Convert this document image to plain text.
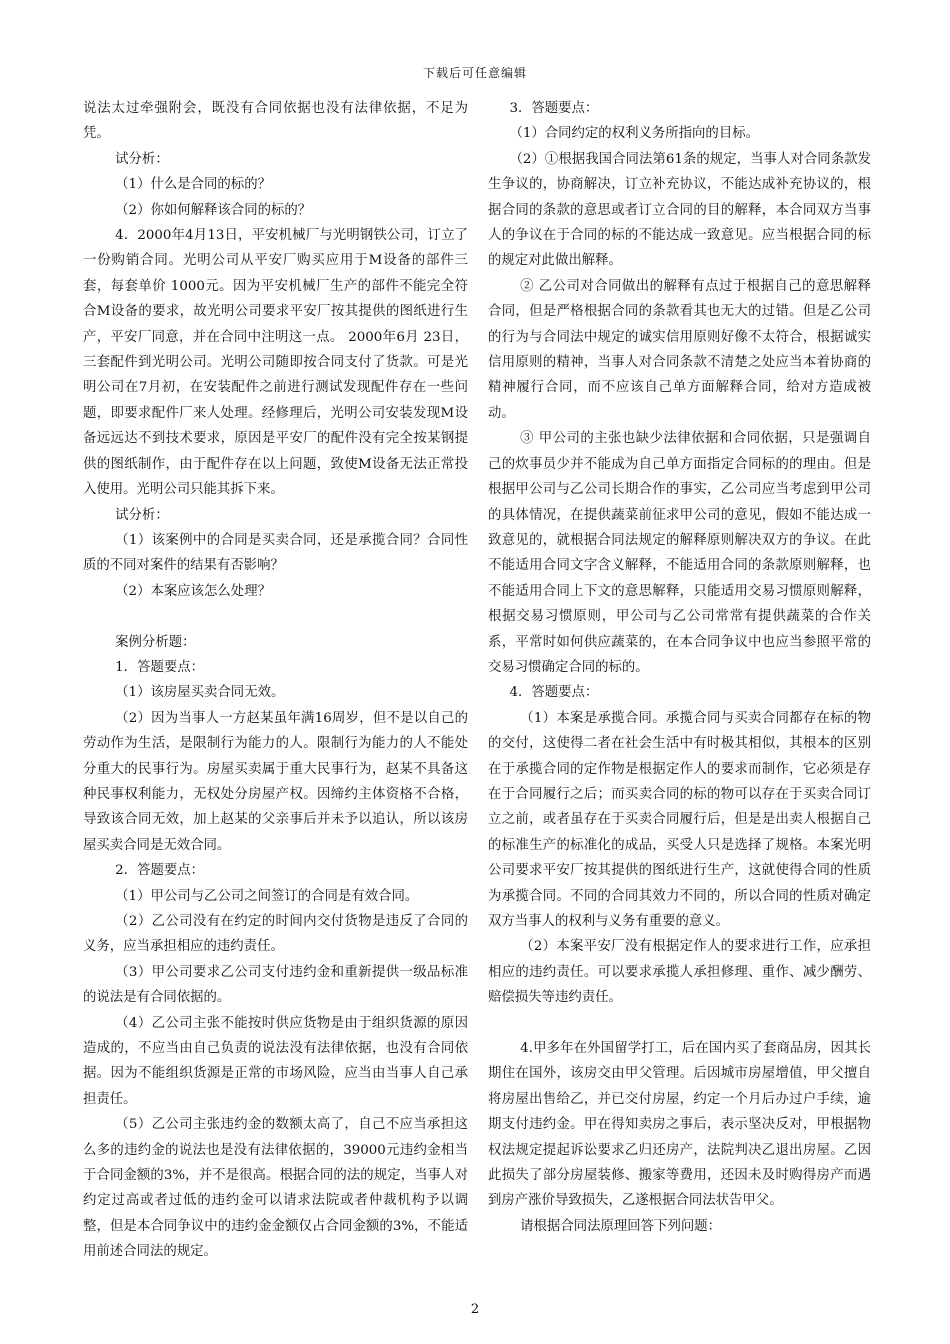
下载后可任意编辑

说法太过牵强附会，既没有合同依据也没有法律依据，不足为凭。

试分析：

（1）什么是合同的标的？

（2）你如何解释该合同的标的？

4．2000年4月13日，平安机械厂与光明钢铁公司，订立了一份购销合同。光明公司从平安厂购买应用于M设备的部件三套，每套单价 1000元。因为平安机械厂生产的部件不能完全符合M设备的要求，故光明公司要求平安厂按其提供的图纸进行生产，平安厂同意，并在合同中注明这一点。 2000年6月 23日，三套配件到光明公司。光明公司随即按合同支付了货款。可是光明公司在7月初，在安装配件之前进行测试发现配件存在一些问题，即要求配件厂来人处理。经修理后，光明公司安装发现M设备远远达不到技术要求，原因是平安厂的配件没有完全按某钢提供的图纸制作，由于配件存在以上问题，致使M设备无法正常投入使用。光明公司只能其拆下来。

试分析：

（1）该案例中的合同是买卖合同，还是承揽合同？合同性质的不同对案件的结果有否影响？

（2）本案应该怎么处理？

案例分析题：

1．答题要点：

（1）该房屋买卖合同无效。

（2）因为当事人一方赵某虽年满16周岁，但不是以自己的劳动作为生活，是限制行为能力的人。限制行为能力的人不能处分重大的民事行为。房屋买卖属于重大民事行为，赵某不具备这种民事权利能力，无权处分房屋产权。因缔约主体资格不合格，导致该合同无效，加上赵某的父亲事后并未予以追认，所以该房屋买卖合同是无效合同。

2．答题要点：

（1）甲公司与乙公司之间签订的合同是有效合同。

（2）乙公司没有在约定的时间内交付货物是违反了合同的义务，应当承担相应的违约责任。

（3）甲公司要求乙公司支付违约金和重新提供一级品标准的说法是有合同依据的。

（4）乙公司主张不能按时供应货物是由于组织货源的原因造成的，不应当由自己负责的说法没有法律依据，也没有合同依据。因为不能组织货源是正常的市场风险，应当由当事人自己承担责任。

（5）乙公司主张违约金的数额太高了，自己不应当承担这么多的违约金的说法也是没有法律依据的，39000元违约金相当于合同金额的3%，并不是很高。根据合同的法的规定，当事人对约定过高或者过低的违约金可以请求法院或者仲裁机构予以调整，但是本合同争议中的违约金金额仅占合同金额的3%，不能适用前述合同法的规定。

3．答题要点：

（1）合同约定的权利义务所指向的目标。

（2）①根据我国合同法第61条的规定，当事人对合同条款发生争议的，协商解决，订立补充协议，不能达成补充协议的，根据合同的条款的意思或者订立合同的目的解释，本合同双方当事人的争议在于合同的标的不能达成一致意见。应当根据合同的标的规定对此做出解释。

② 乙公司对合同做出的解释有点过于根据自己的意思解释合同，但是严格根据合同的条款看其也无大的过错。但是乙公司的行为与合同法中规定的诚实信用原则好像不太符合，根据诚实信用原则的精神，当事人对合同条款不清楚之处应当本着协商的精神履行合同，而不应该自己单方面解释合同，给对方造成被动。

③ 甲公司的主张也缺少法律依据和合同依据，只是强调自己的炊事员少并不能成为自己单方面指定合同标的的理由。但是根据甲公司与乙公司长期合作的事实，乙公司应当考虑到甲公司的具体情况，在提供蔬菜前征求甲公司的意见，假如不能达成一致意见的，就根据合同法规定的解释原则解决双方的争议。在此不能适用合同文字含义解释，不能适用合同的条款原则解释，也不能适用合同上下文的意思解释，只能适用交易习惯原则解释，根据交易习惯原则，甲公司与乙公司常常有提供蔬菜的合作关系，平常时如何供应蔬菜的，在本合同争议中也应当参照平常的交易习惯确定合同的标的。

4．答题要点：

（1）本案是承揽合同。承揽合同与买卖合同都存在标的物的交付，这使得二者在社会生活中有时极其相似，其根本的区别在于承揽合同的定作物是根据定作人的要求而制作，它必须是存在于合同履行之后；而买卖合同的标的物可以存在于买卖合同订立之前，或者虽存在于买卖合同履行后，但是是出卖人根据自己的标准生产的标准化的成品，买受人只是选择了规格。本案光明公司要求平安厂按其提供的图纸进行生产，这就使得合同的性质为承揽合同。不同的合同其效力不同的，所以合同的性质对确定双方当事人的权利与义务有重要的意义。

（2）本案平安厂没有根据定作人的要求进行工作，应承担相应的违约责任。可以要求承揽人承担修理、重作、减少酬劳、赔偿损失等违约责任。

4.甲多年在外国留学打工，后在国内买了套商品房，因其长期住在国外，该房交由甲父管理。后因城市房屋增值，甲父擅自将房屋出售给乙，并已交付房屋，约定一个月后办过户手续，逾期支付违约金。甲在得知卖房之事后，表示坚决反对，甲根据物权法规定提起诉讼要求乙归还房产，法院判决乙退出房屋。乙因此损失了部分房屋装修、搬家等费用，还因未及时购得房产而遇到房产涨价导致损失，乙遂根据合同法状告甲父。

请根据合同法原理回答下列问题：

2
